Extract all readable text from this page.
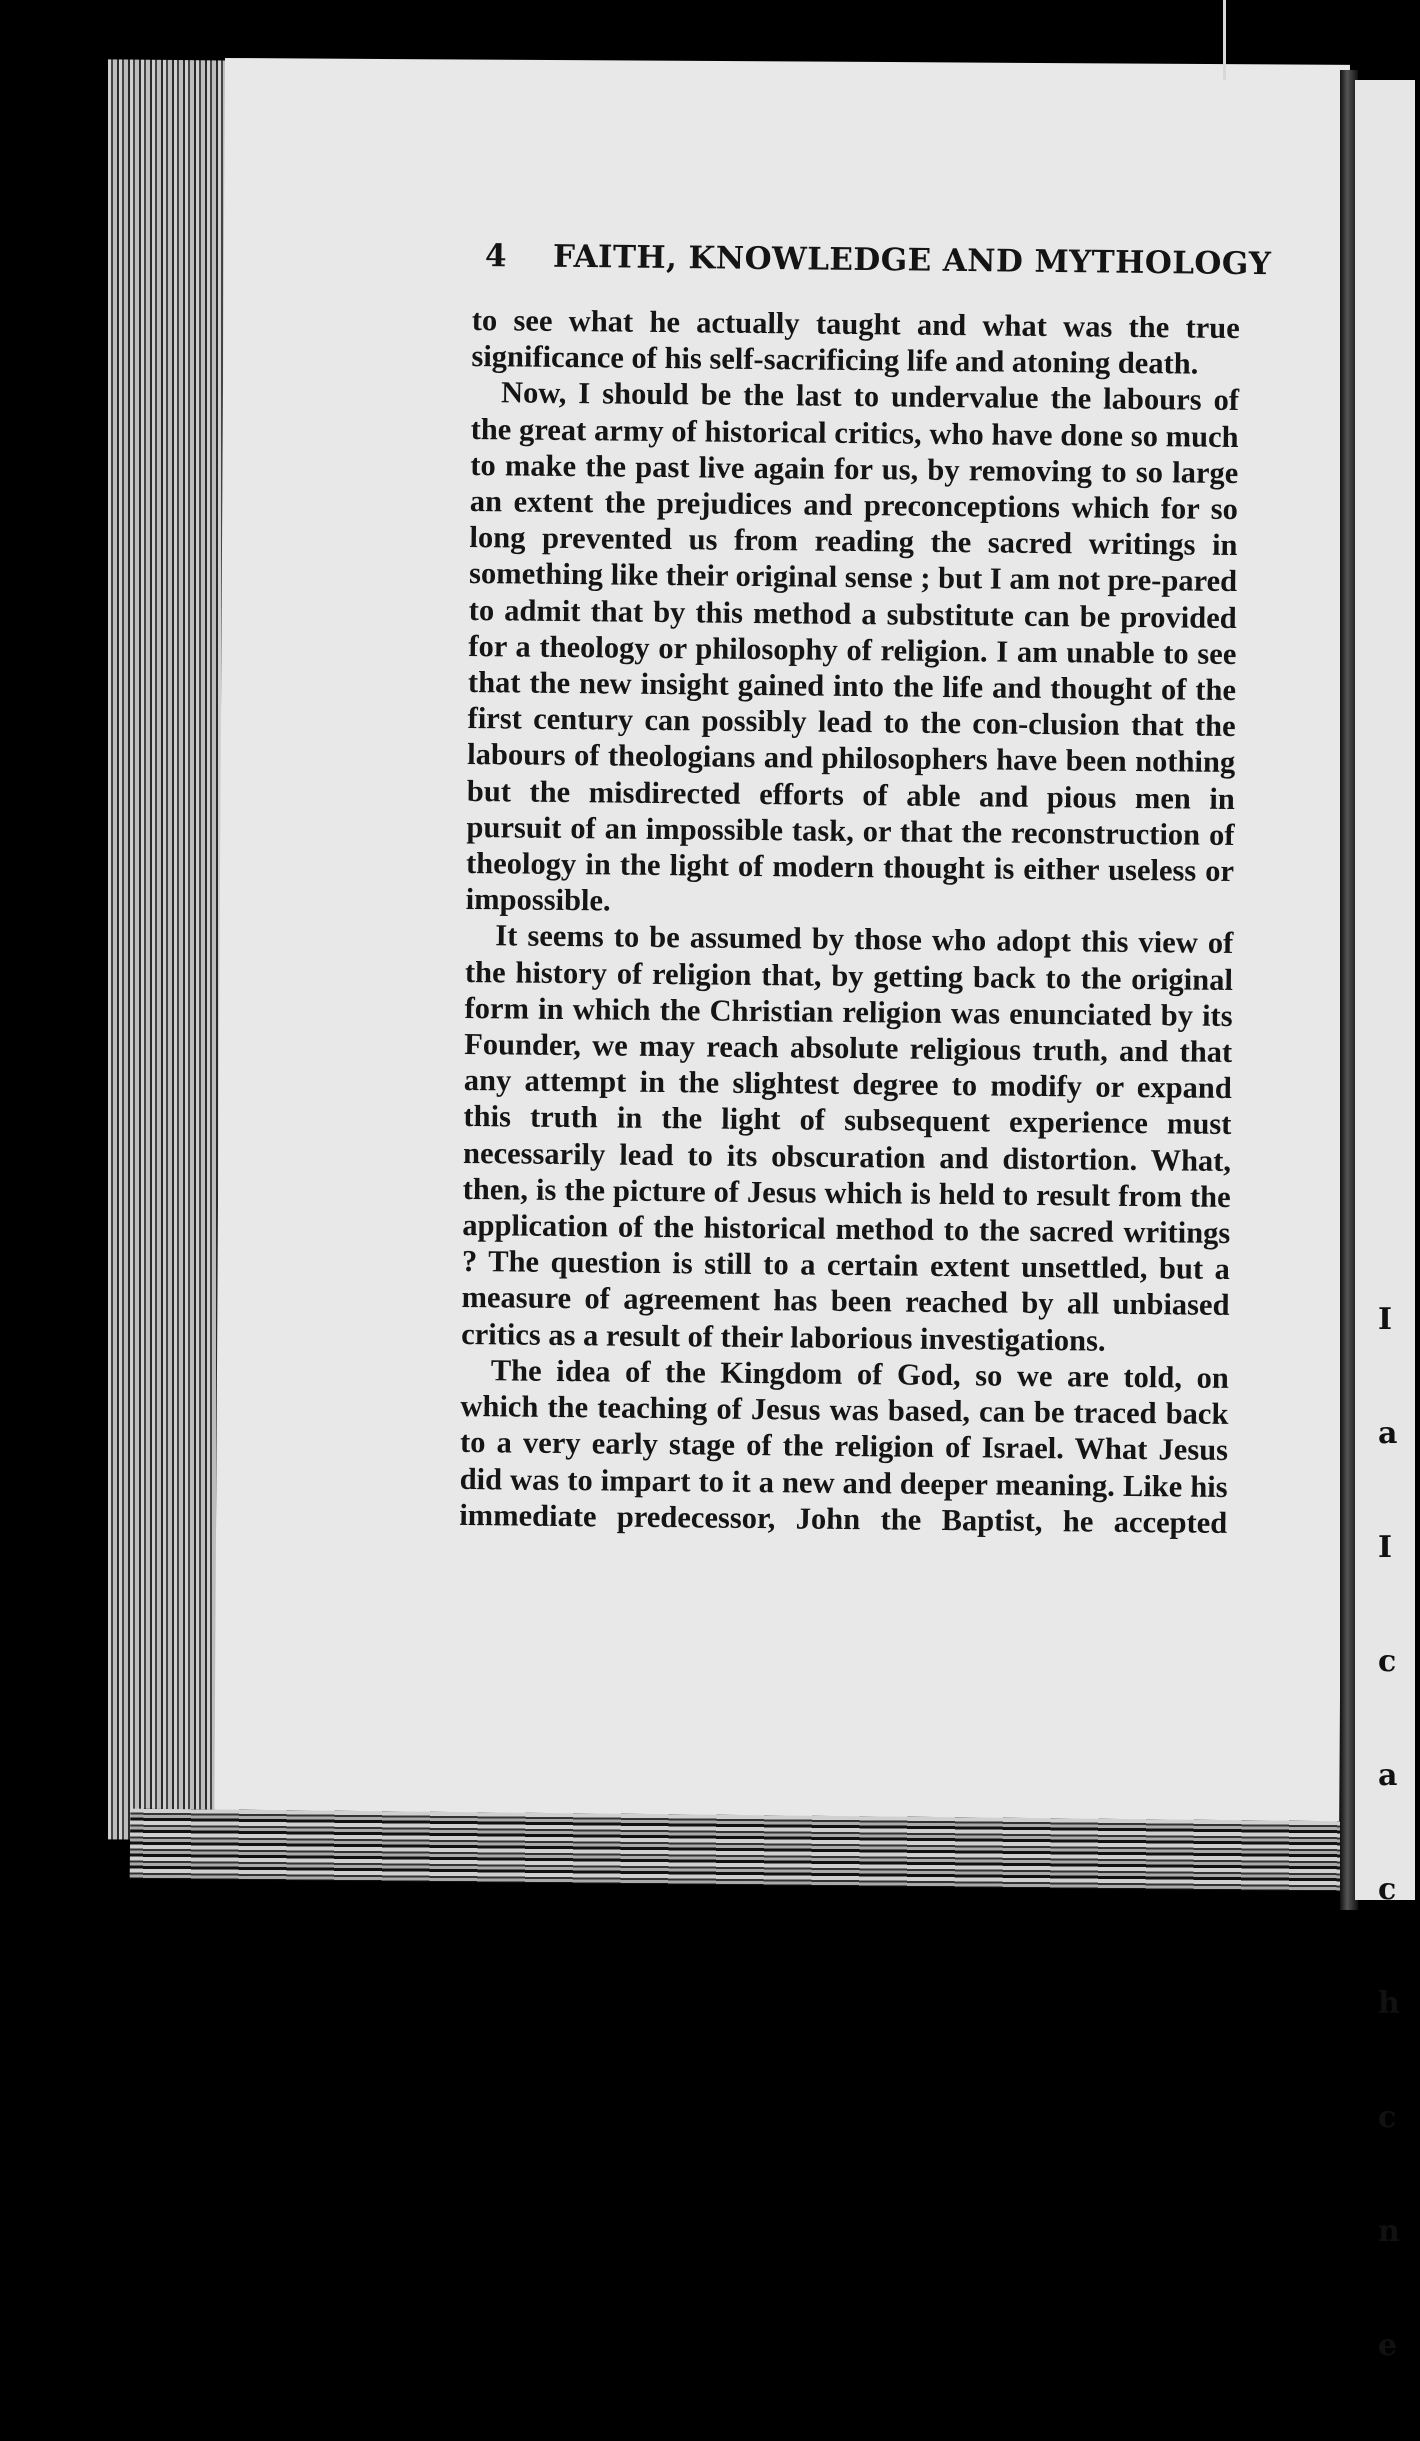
I

a

I

c

a

c

h

c

n

e

4 FAITH, KNOWLEDGE AND MYTHOLOGY

to see what he actually taught and what was the true significance of his self-sacrificing life and atoning death.

Now, I should be the last to undervalue the labours of the great army of historical critics, who have done so much to make the past live again for us, by removing to so large an extent the prejudices and preconceptions which for so long prevented us from reading the sacred writings in something like their original sense ; but I am not pre-pared to admit that by this method a substitute can be provided for a theology or philosophy of religion. I am unable to see that the new insight gained into the life and thought of the first century can possibly lead to the con-clusion that the labours of theologians and philosophers have been nothing but the misdirected efforts of able and pious men in pursuit of an impossible task, or that the reconstruction of theology in the light of modern thought is either useless or impossible.

It seems to be assumed by those who adopt this view of the history of religion that, by getting back to the original form in which the Christian religion was enunciated by its Founder, we may reach absolute religious truth, and that any attempt in the slightest degree to modify or expand this truth in the light of subsequent experience must necessarily lead to its obscuration and distortion. What, then, is the picture of Jesus which is held to result from the application of the historical method to the sacred writings ? The question is still to a certain extent unsettled, but a measure of agreement has been reached by all unbiased critics as a result of their laborious investigations.

The idea of the Kingdom of God, so we are told, on which the teaching of Jesus was based, can be traced back to a very early stage of the religion of Israel. What Jesus did was to impart to it a new and deeper meaning. Like his immediate predecessor, John the Baptist, he accepted
